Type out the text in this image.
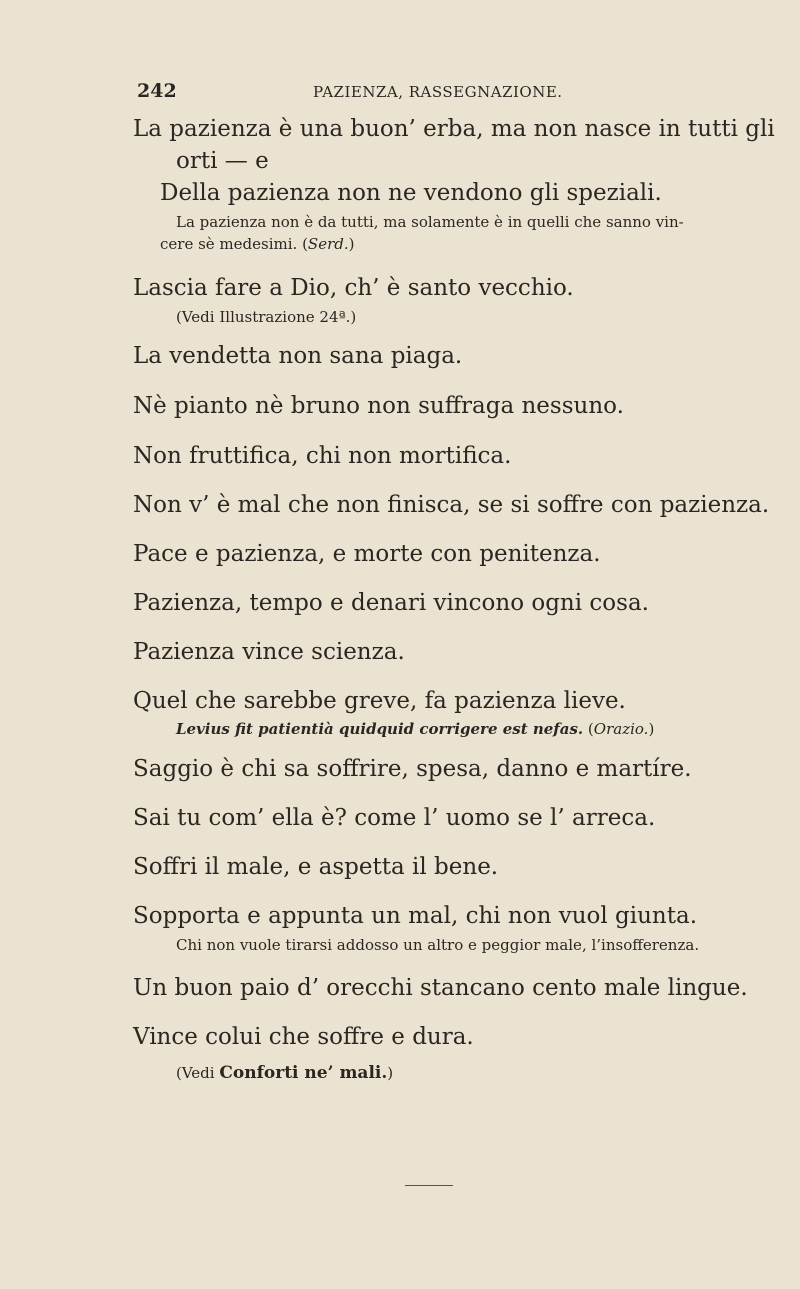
242	PAZIENZA, RASSEGNAZIONE.
La pazienza è una buon’ erba, ma non nasce in tutti gli
orti — e
Della pazienza non ne vendono gli speziali.
La pazienza non è da tutti, ma solamente è in quelli che sanno vin-
cere sè medesimi. (Serd.)
Lascia fare a Dio, ch’ è santo vecchio.
(Vedi Illustrazione 24ª.)
La vendetta non sana piaga.
Nè pianto nè bruno non suffraga nessuno.
Non fruttifica, chi non mortifica.
Non v’ è mal che non finisca, se si soffre con pazienza.
Pace e pazienza, e morte con penitenza.
Pazienza, tempo e denari vincono ogni cosa.
Pazienza vince scienza.
Quel che sarebbe greve, fa pazienza lieve.
Levius fit patientià quidquid corrigere est nefas. (Orazio.)
Saggio è chi sa soffrire, spesa, danno e martíre.
Sai tu com’ ella è? come l’ uomo se l’ arreca.
Soffri il male, e aspetta il bene.
Sopporta e appunta un mal, chi non vuol giunta.
Chi non vuole tirarsi addosso un altro e peggior male, l’insofferenza.
Un buon paio d’ orecchi stancano cento male lingue.
Vince colui che soffre e dura.
(Vedi Conforti ne’ mali.)
